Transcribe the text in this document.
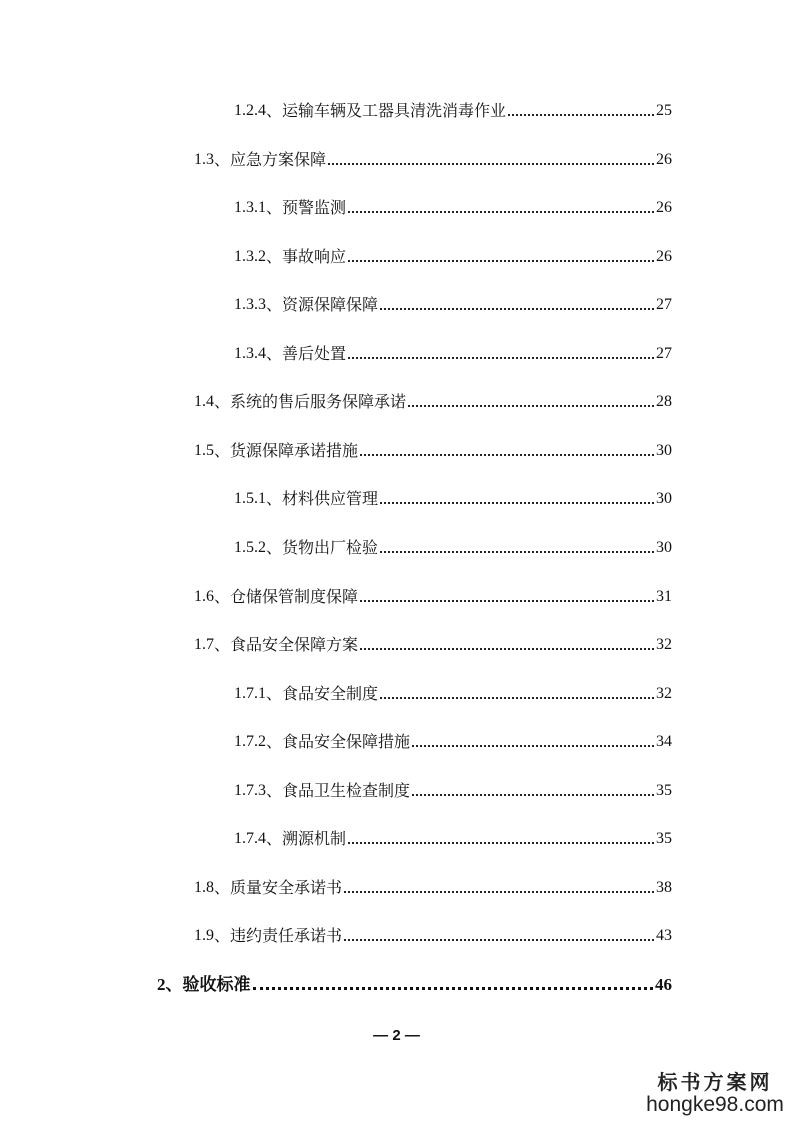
1.2.4 、 运输车辆及工器具清洗消毒作业	25
1.3 、 应急方案保障	26
1.3.1 、 预警监测	26
1.3.2 、 事故响应	26
1.3.3 、 资源保障保障	27
1.3.4 、 善后处置	27
1.4 、 系统的售后服务保障承诺	28
1.5 、 货源保障承诺措施	30
1.5.1 、 材料供应管理	30
1.5.2 、 货物出厂检验	30
1.6 、 仓储保管制度保障	31
1.7 、 食品安全保障方案	32
1.7.1 、 食品安全制度	32
1.7.2 、 食品安全保障措施	34
1.7.3 、 食品卫生检查制度	35
1.7.4 、 溯源机制	35
1.8 、 质量安全承诺书	38
1.9 、 违约责任承诺书	43
2 、 验收标准	46
— 2 —
标书方案网
hongke98.com
